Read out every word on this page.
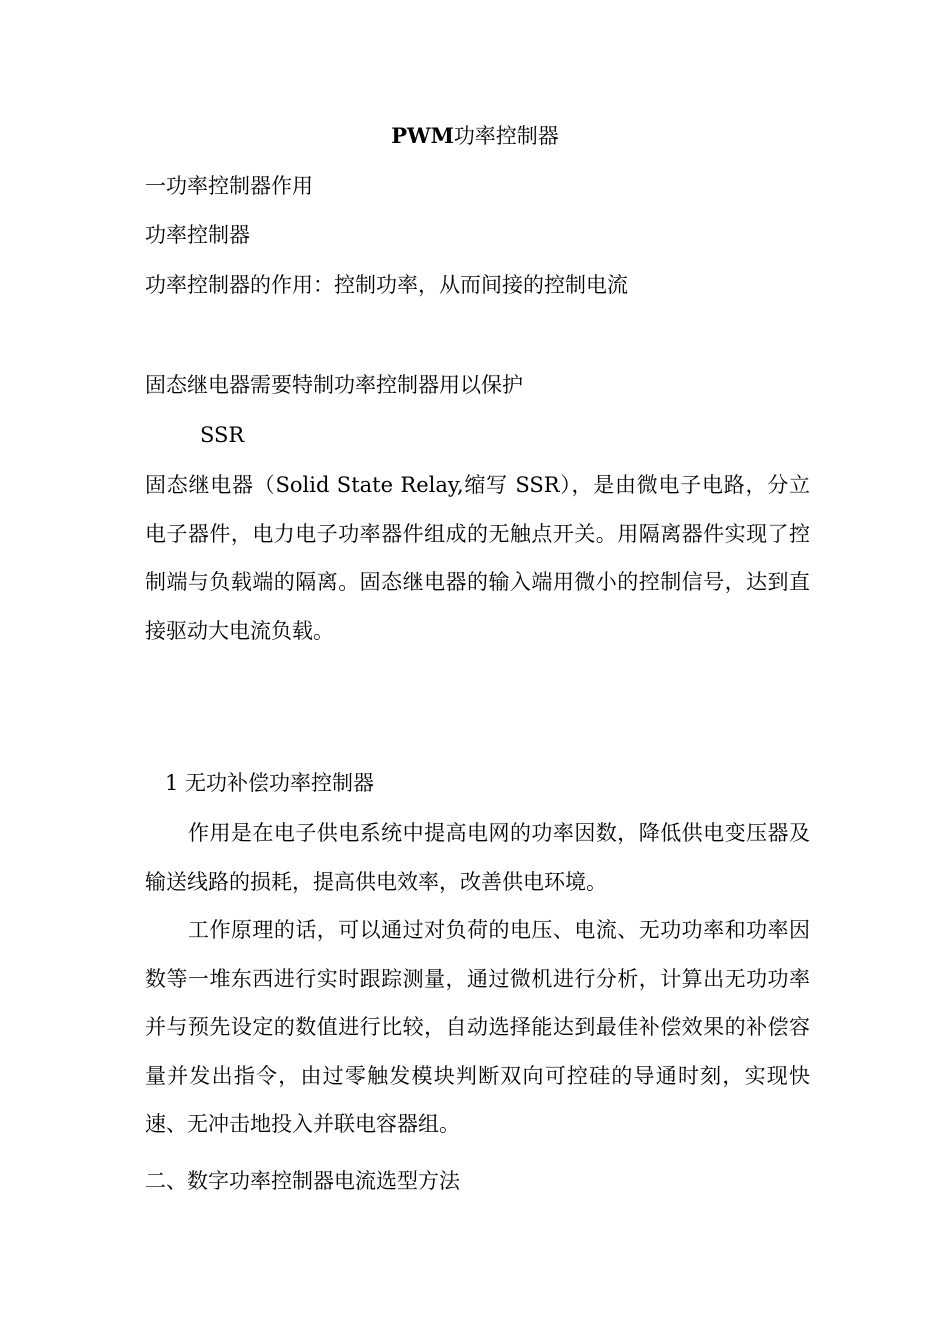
PWM功率控制器
一功率控制器作用
功率控制器
功率控制器的作用：控制功率，从而间接的控制电流
固态继电器需要特制功率控制器用以保护
SSR
固态继电器（Solid State Relay,缩写 SSR），是由微电子电路，分立电子器件，电力电子功率器件组成的无触点开关。用隔离器件实现了控制端与负载端的隔离。固态继电器的输入端用微小的控制信号，达到直接驱动大电流负载。
1 无功补偿功率控制器
作用是在电子供电系统中提高电网的功率因数，降低供电变压器及输送线路的损耗，提高供电效率，改善供电环境。
工作原理的话，可以通过对负荷的电压、电流、无功功率和功率因数等一堆东西进行实时跟踪测量，通过微机进行分析，计算出无功功率并与预先设定的数值进行比较，自动选择能达到最佳补偿效果的补偿容量并发出指令，由过零触发模块判断双向可控硅的导通时刻，实现快速、无冲击地投入并联电容器组。
二、数字功率控制器电流选型方法
